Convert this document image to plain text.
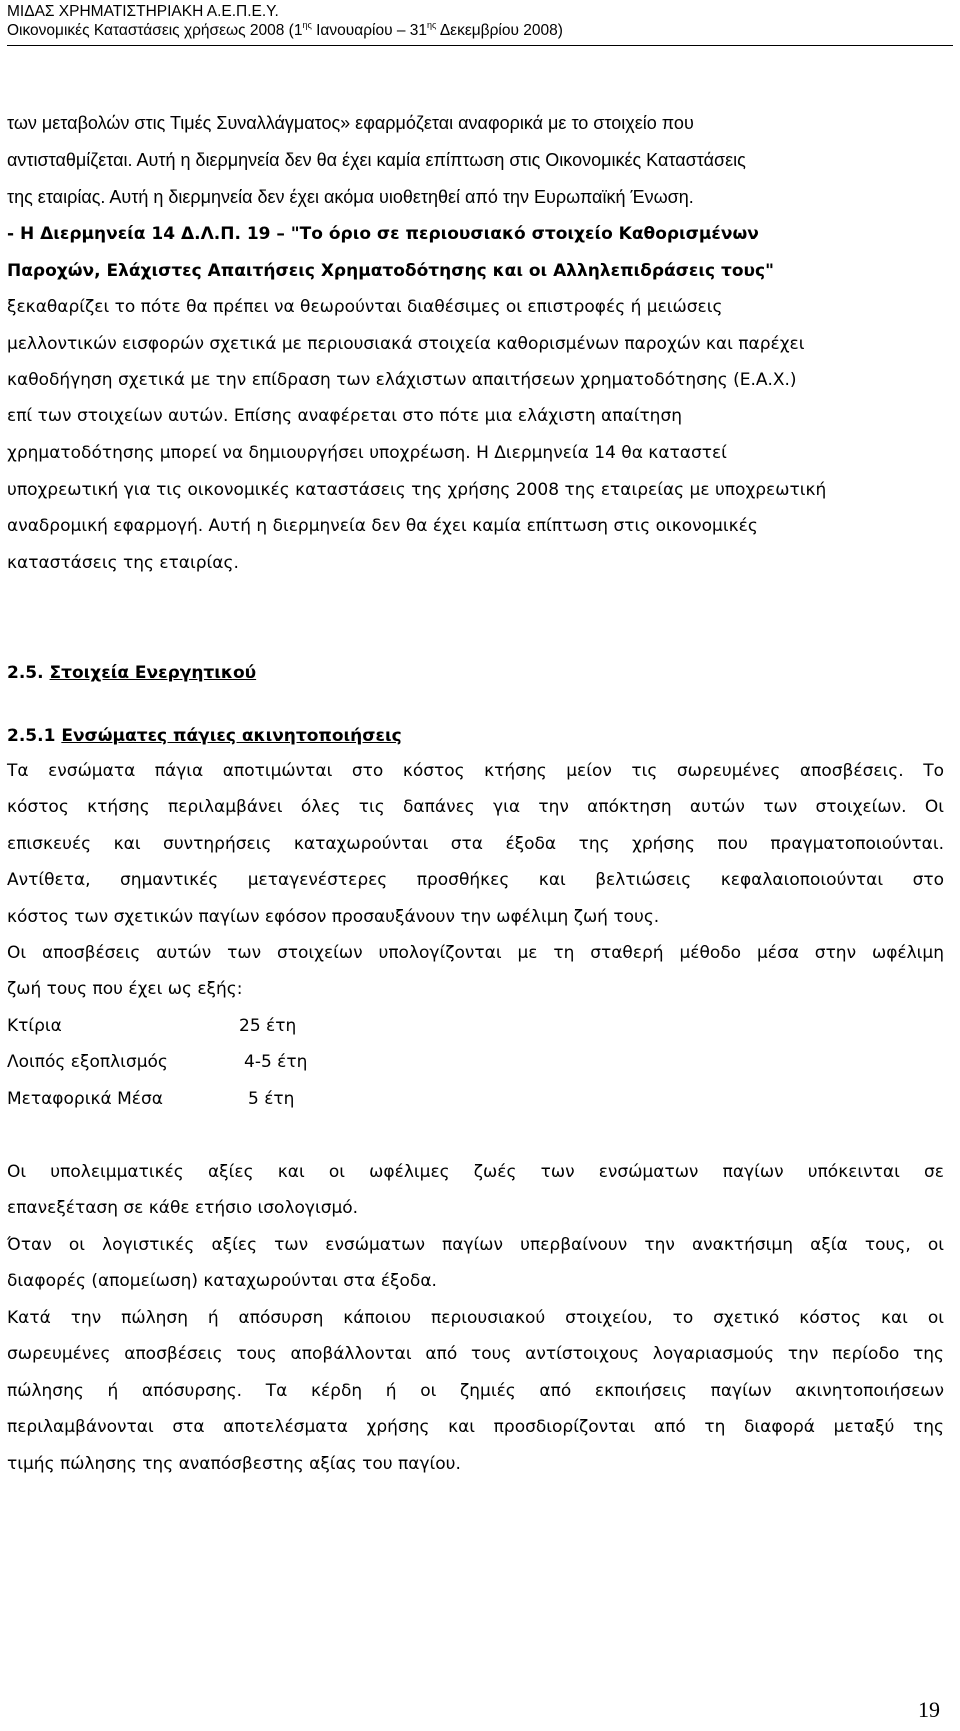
ΜΙΔΑΣ ΧΡΗΜΑΤΙΣΤΗΡΙΑΚΗ Α.Ε.Π.Ε.Υ.
Οικονομικές Καταστάσεις χρήσεως 2008 ($1^{\eta\varsigma}$ Ιανουαρίου – $31^{\eta\varsigma}$ Δεκεμβρίου 2008)
των μεταβολών στις Τιμές Συναλλάγματος» εφαρμόζεται αναφορικά με το στοιχείο που
αντισταθμίζεται. Αυτή η διερμηνεία δεν θα έχει καμία επίπτωση στις Οικονομικές Καταστάσεις
της εταιρίας. Αυτή η διερμηνεία δεν έχει ακόμα υιοθετηθεί από την Ευρωπαϊκή Ένωση.
- Η Διερμηνεία 14 Δ.Λ.Π. 19 – "Το όριο σε περιουσιακό στοιχείο Καθορισμένων
Παροχών, Ελάχιστες Απαιτήσεις Χρηματοδότησης και οι Αλληλεπιδράσεις τους"
ξεκαθαρίζει το πότε θα πρέπει να θεωρούνται διαθέσιμες οι επιστροφές ή μειώσεις
μελλοντικών εισφορών σχετικά με περιουσιακά στοιχεία καθορισμένων παροχών και παρέχει
καθοδήγηση σχετικά με την επίδραση των ελάχιστων απαιτήσεων χρηματοδότησης (Ε.Α.Χ.)
επί των στοιχείων αυτών. Επίσης αναφέρεται στο πότε μια ελάχιστη απαίτηση
χρηματοδότησης μπορεί να δημιουργήσει υποχρέωση. Η Διερμηνεία 14 θα καταστεί
υποχρεωτική για τις οικονομικές καταστάσεις της χρήσης 2008 της εταιρείας με υποχρεωτική
αναδρομική εφαρμογή. Αυτή η διερμηνεία δεν θα έχει καμία επίπτωση στις οικονομικές
καταστάσεις της εταιρίας.
2.5. Στοιχεία Ενεργητικού
2.5.1 Ενσώματες πάγιες ακινητοποιήσεις
Τα ενσώματα πάγια αποτιμώνται στο κόστος κτήσης μείον τις σωρευμένες αποσβέσεις. Το
κόστος κτήσης περιλαμβάνει όλες τις δαπάνες για την απόκτηση αυτών των στοιχείων. Οι
επισκευές και συντηρήσεις καταχωρούνται στα έξοδα της χρήσης που πραγματοποιούνται.
Αντίθετα, σημαντικές μεταγενέστερες προσθήκες και βελτιώσεις κεφαλαιοποιούνται στο
κόστος των σχετικών παγίων εφόσον προσαυξάνουν την ωφέλιμη ζωή τους.
Οι αποσβέσεις αυτών των στοιχείων υπολογίζονται με τη σταθερή μέθοδο μέσα στην ωφέλιμη
ζωή τους που έχει ως εξής:
Κτίρια	25 έτη
Λοιπός εξοπλισμός	4-5 έτη
Μεταφορικά Μέσα	5 έτη
Οι υπολειμματικές αξίες και οι ωφέλιμες ζωές των ενσώματων παγίων υπόκεινται σε
επανεξέταση σε κάθε ετήσιο ισολογισμό.
Όταν οι λογιστικές αξίες των ενσώματων παγίων υπερβαίνουν την ανακτήσιμη αξία τους, οι
διαφορές (απομείωση) καταχωρούνται στα έξοδα.
Κατά την πώληση ή απόσυρση κάποιου περιουσιακού στοιχείου, το σχετικό κόστος και οι
σωρευμένες αποσβέσεις τους αποβάλλονται από τους αντίστοιχους λογαριασμούς την περίοδο της
πώλησης ή απόσυρσης. Τα κέρδη ή οι ζημιές από εκποιήσεις παγίων ακινητοποιήσεων
περιλαμβάνονται στα αποτελέσματα χρήσης και προσδιορίζονται από τη διαφορά μεταξύ της
τιμής πώλησης της αναπόσβεστης αξίας του παγίου.
19
